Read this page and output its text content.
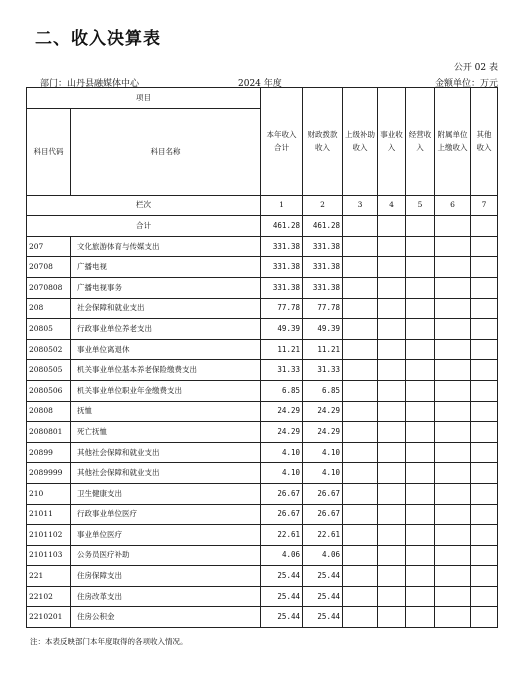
二、收入决算表
公开 02 表
部门：山丹县融媒体中心	2024 年度	金额单位：万元
项目		本年收入合计	财政拨款收入	上级补助收入	事业收入	经营收入	附属单位上缴收入	其他收入
科目代码	科目名称							

栏次		1	2	3	4	5	6	7
合计		461.28	461.28					
207	文化旅游体育与传媒支出	331.38	331.38					
20708	广播电视	331.38	331.38					
2070808	广播电视事务	331.38	331.38					
208	社会保障和就业支出	77.78	77.78					
20805	行政事业单位养老支出	49.39	49.39					
2080502	事业单位离退休	11.21	11.21					
2080505	机关事业单位基本养老保险缴费支出	31.33	31.33					
2080506	机关事业单位职业年金缴费支出	6.85	6.85					
20808	抚恤	24.29	24.29					
2080801	死亡抚恤	24.29	24.29					
20899	其他社会保障和就业支出	4.10	4.10					
2089999	其他社会保障和就业支出	4.10	4.10					
210	卫生健康支出	26.67	26.67					
21011	行政事业单位医疗	26.67	26.67					
2101102	事业单位医疗	22.61	22.61					
2101103	公务员医疗补助	4.06	4.06					
221	住房保障支出	25.44	25.44					
22102	住房改革支出	25.44	25.44					
2210201	住房公积金	25.44	25.44					
注：本表反映部门本年度取得的各项收入情况。
